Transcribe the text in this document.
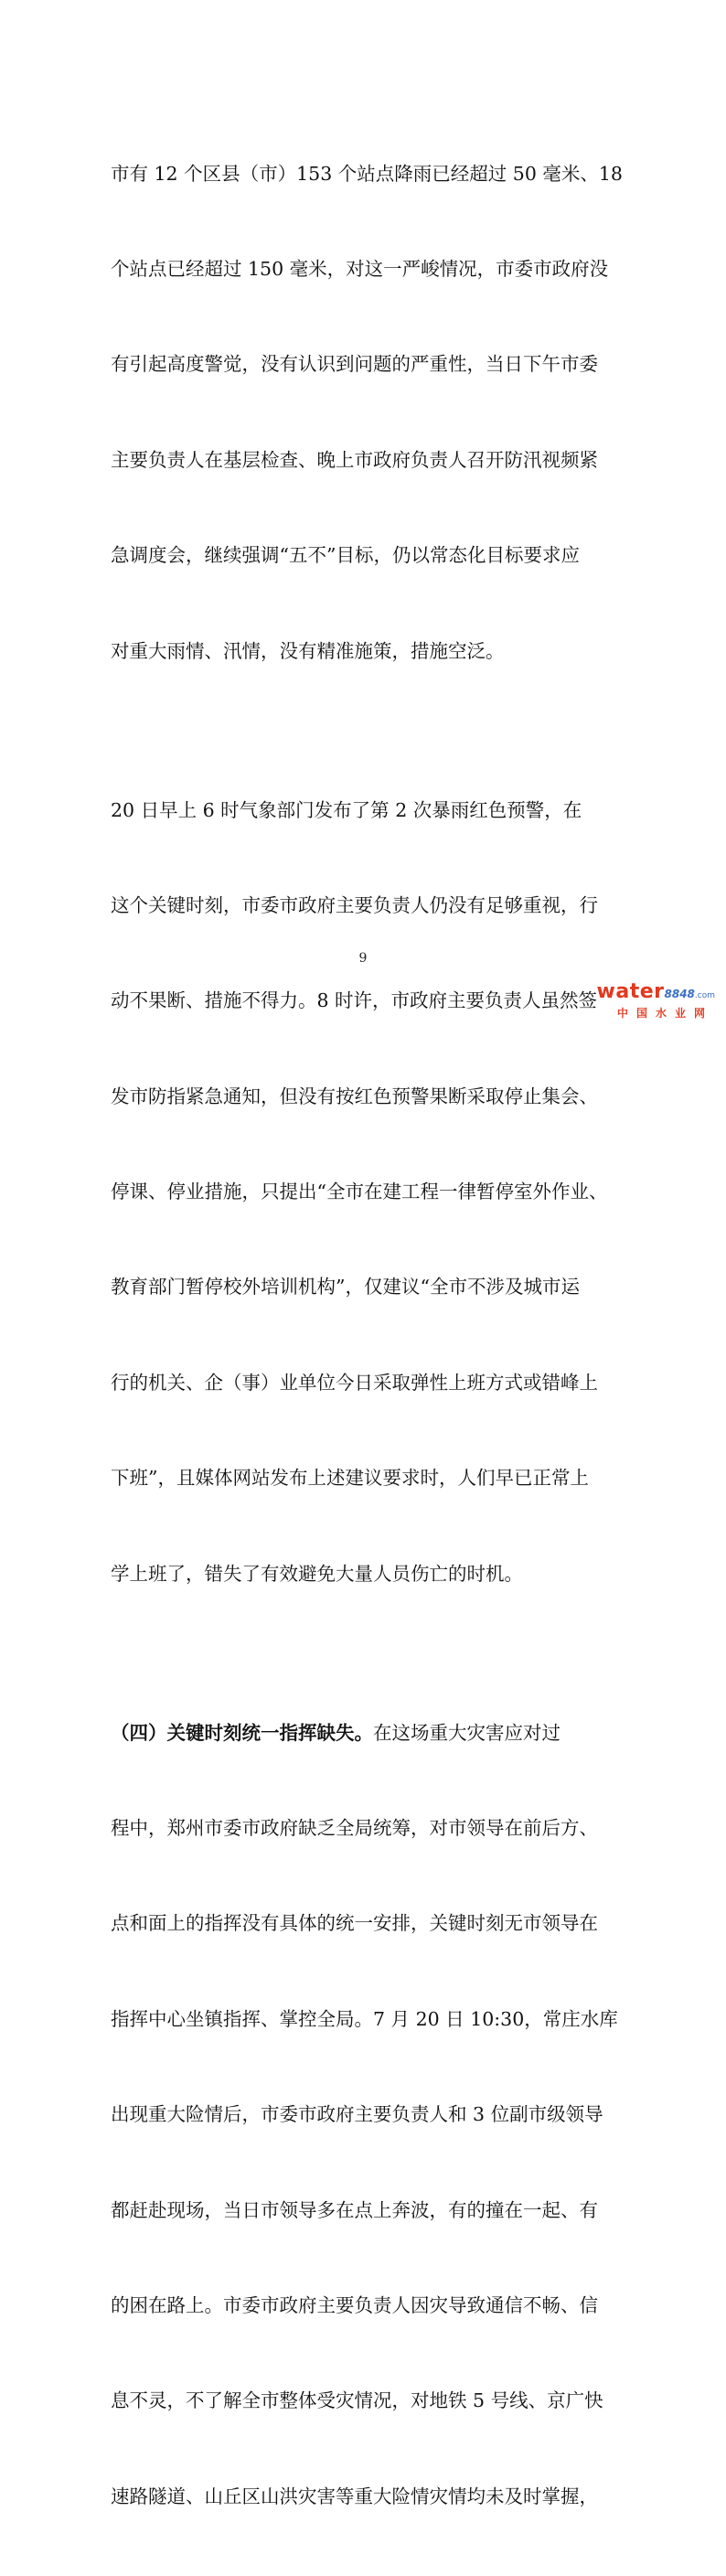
市有 12 个区县（市）153 个站点降雨已经超过 50 毫米、18

个站点已经超过 150 毫米，对这一严峻情况，市委市政府没

有引起高度警觉，没有认识到问题的严重性，当日下午市委

主要负责人在基层检查、晚上市政府负责人召开防汛视频紧

急调度会，继续强调“五不”目标，仍以常态化目标要求应

对重大雨情、汛情，没有精准施策，措施空泛。

20 日早上 6 时气象部门发布了第 2 次暴雨红色预警，在

这个关键时刻，市委市政府主要负责人仍没有足够重视，行

动不果断、措施不得力。8 时许，市政府主要负责人虽然签

发市防指紧急通知，但没有按红色预警果断采取停止集会、

停课、停业措施，只提出“全市在建工程一律暂停室外作业、

教育部门暂停校外培训机构”，仅建议“全市不涉及城市运

行的机关、企（事）业单位今日采取弹性上班方式或错峰上

下班”，且媒体网站发布上述建议要求时，人们早已正常上

学上班了，错失了有效避免大量人员伤亡的时机。

（四）关键时刻统一指挥缺失。在这场重大灾害应对过

程中，郑州市委市政府缺乏全局统筹，对市领导在前后方、

点和面上的指挥没有具体的统一安排，关键时刻无市领导在

指挥中心坐镇指挥、掌控全局。7 月 20 日 10:30，常庄水库

出现重大险情后，市委市政府主要负责人和 3 位副市级领导

都赶赴现场，当日市领导多在点上奔波，有的撞在一起、有

的困在路上。市委市政府主要负责人因灾导致通信不畅、信

息不灵，不了解全市整体受灾情况，对地铁 5 号线、京广快

速路隧道、山丘区山洪灾害等重大险情灾情均未及时掌握，

9
water8848.com
中国水业网
